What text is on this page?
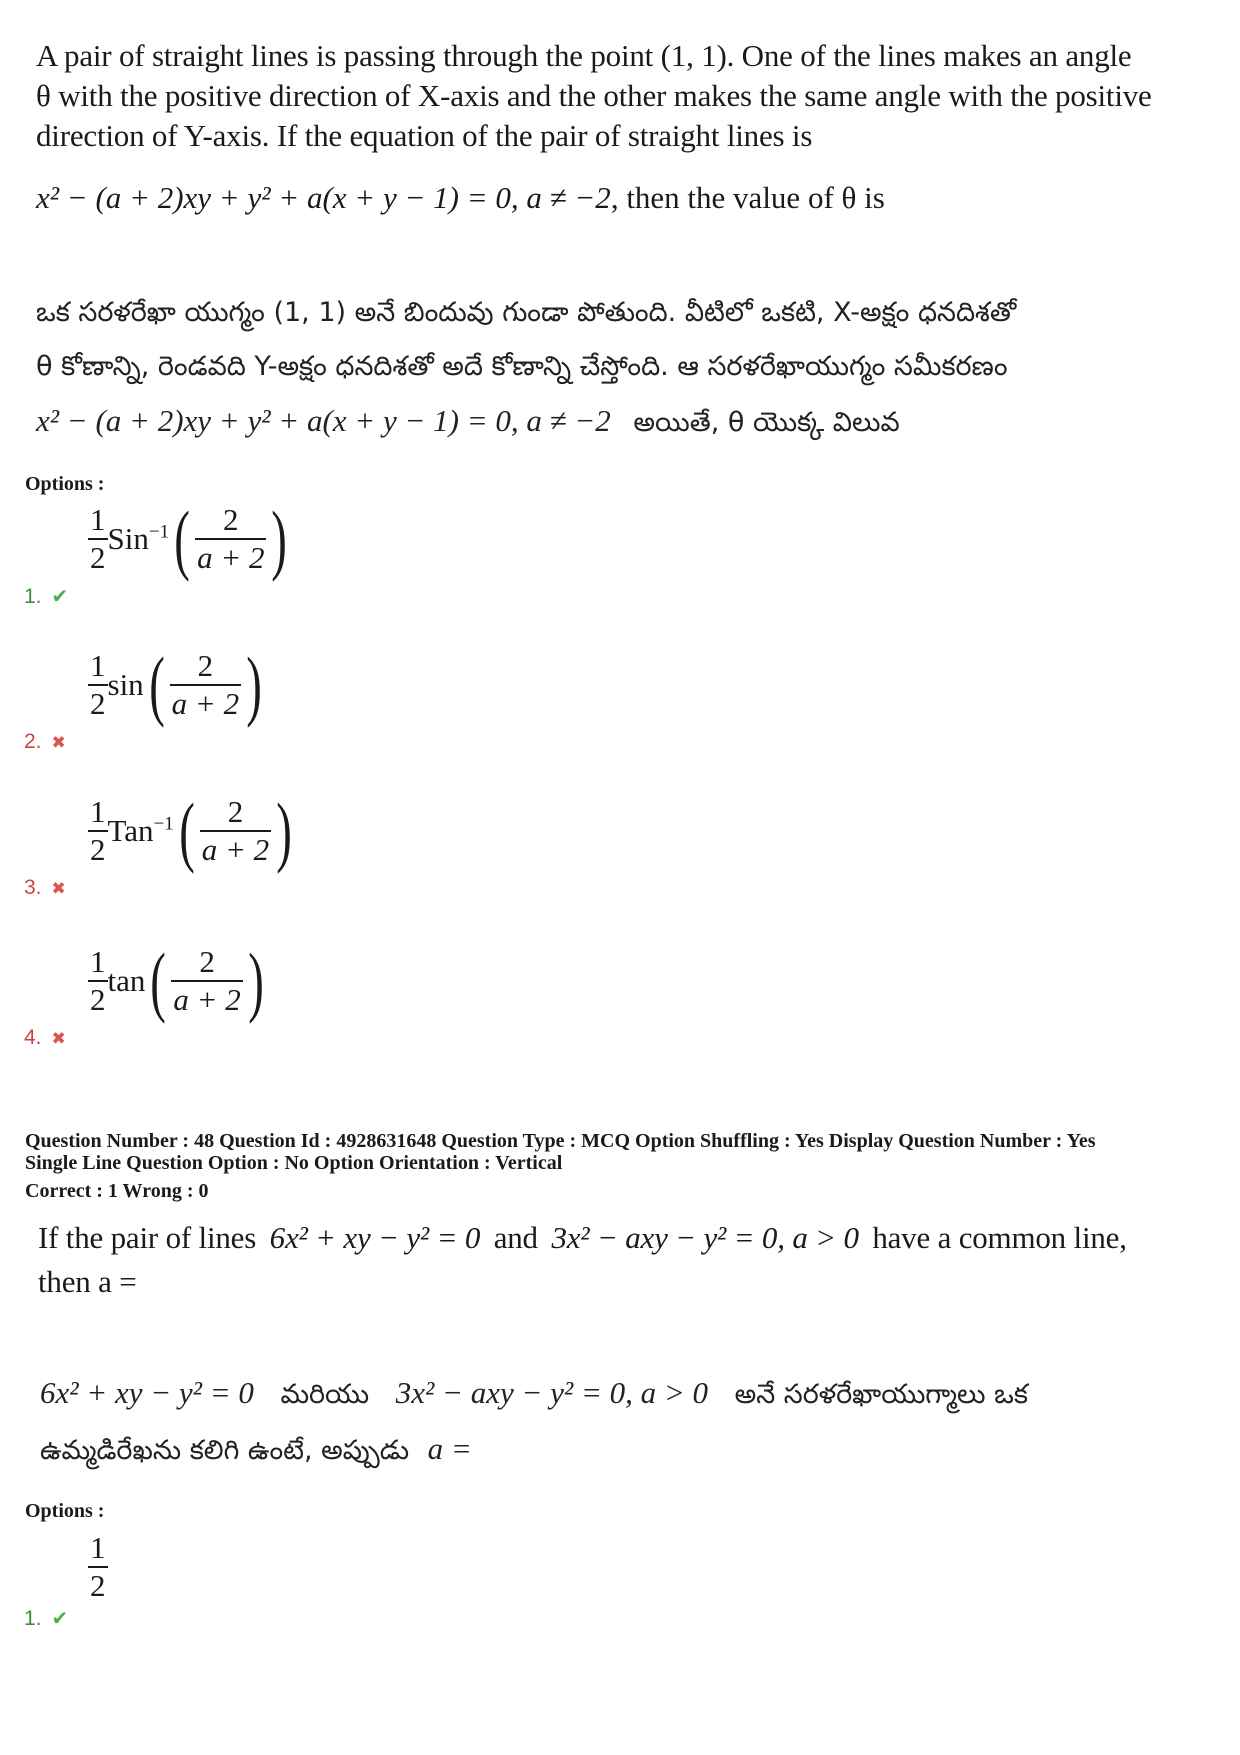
A pair of straight lines is passing through the point (1, 1). One of the lines makes an angle
θ with the positive direction of X-axis and the other makes the same angle with the positive
direction of Y-axis. If the equation of the pair of straight lines is
x² − (a + 2)xy + y² + a(x + y − 1) = 0, a ≠ −2, then the value of θ is
ఒక సరళరేఖా యుగ్మం (1, 1) అనే బిందువు గుండా పోతుంది. వీటిలో ఒకటి, X-అక్షం ధనదిశతో
θ కోణాన్ని, రెండవది Y-అక్షం ధనదిశతో అదే కోణాన్ని చేస్తోంది. ఆ సరళరేఖాయుగ్మం సమీకరణం
x² − (a + 2)xy + y² + a(x + y − 1) = 0, a ≠ −2 అయితే, θ యొక్క విలువ
Options :
1. ✔
$\frac{1}{2} Sin^{-1}$ ( $\frac{2}{a + 2}$ )
2. ✖
$\frac{1}{2}$ sin ( $\frac{2}{a + 2}$ )
3. ✖
$\frac{1}{2} Tan^{-1}$ ( $\frac{2}{a + 2}$ )
4. ✖
$\frac{1}{2}$ tan ( $\frac{2}{a + 2}$ )
Question Number : 48 Question Id : 4928631648 Question Type : MCQ Option Shuffling : Yes Display Question Number : Yes
Single Line Question Option : No Option Orientation : Vertical
Correct : 1 Wrong : 0
If the pair of lines 6x² + xy − y² = 0 and 3x² − axy − y² = 0, a > 0 have a common line,
then a =
6x² + xy − y² = 0 మరియు 3x² − axy − y² = 0, a > 0 అనే సరళరేఖాయుగ్మాలు ఒక
ఉమ్మడిరేఖను కలిగి ఉంటే, అప్పుడు a =
Options :
1. ✔
$\frac{1}{2}$
